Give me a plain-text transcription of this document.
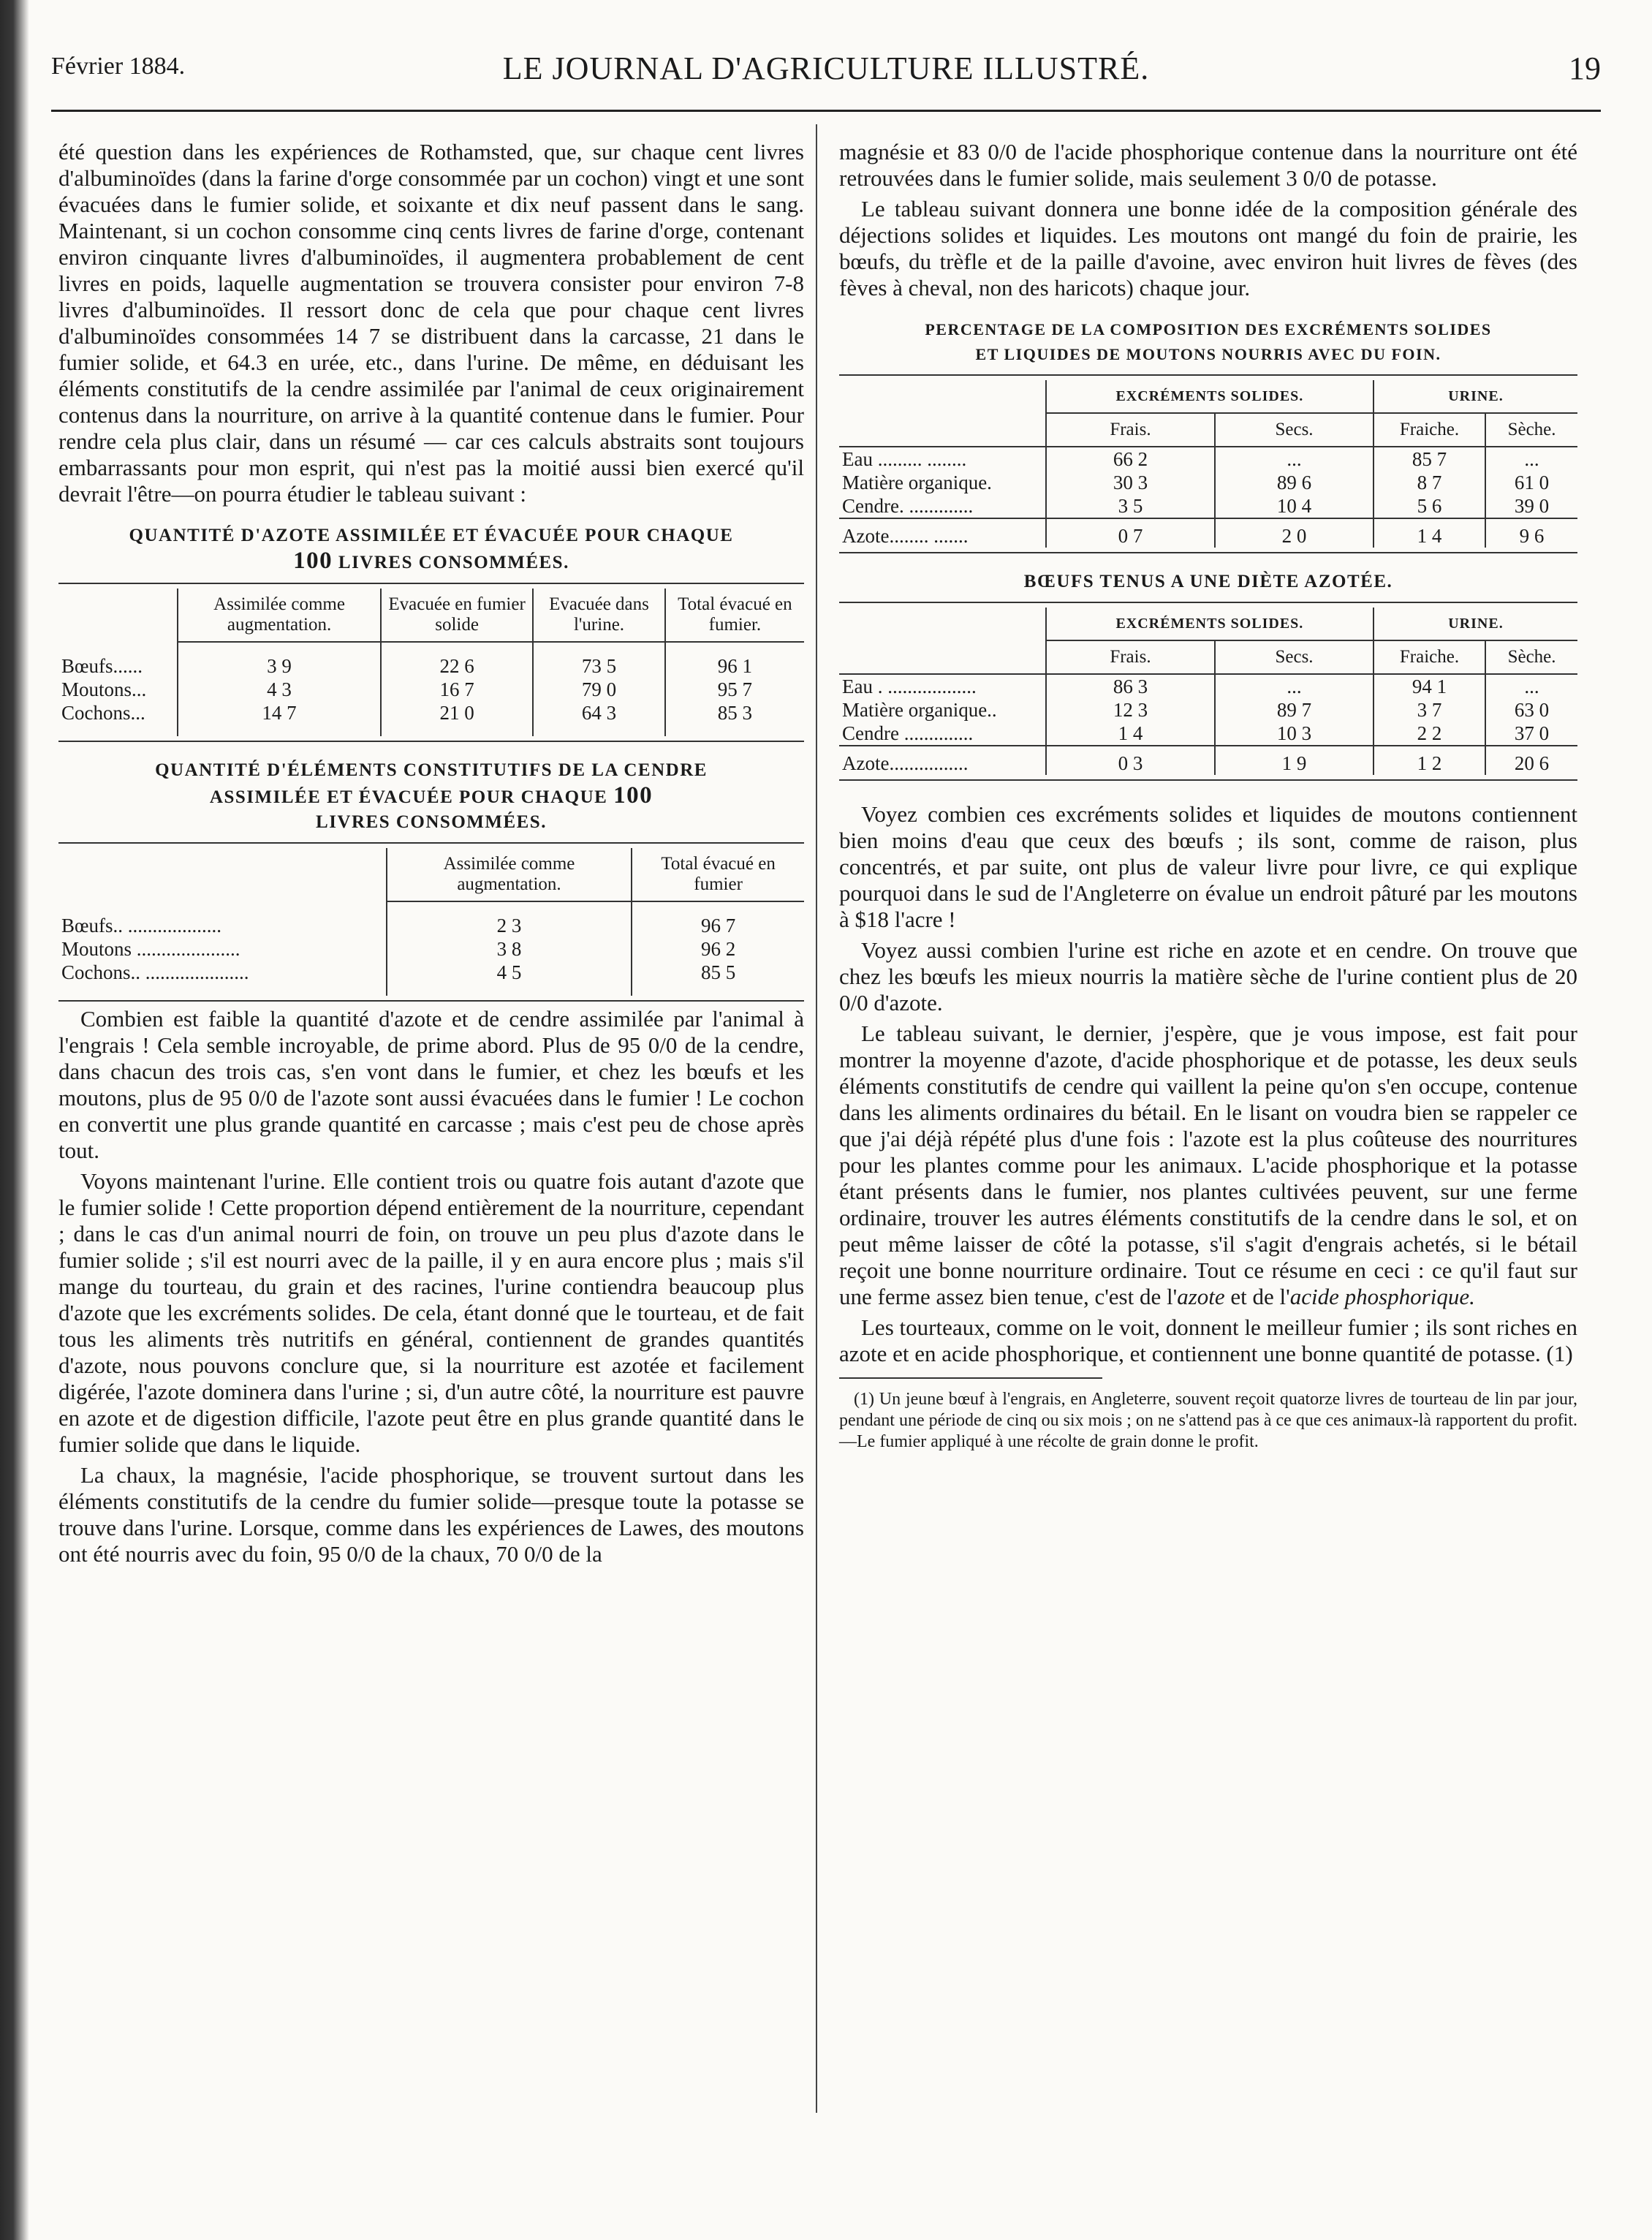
Février 1884.	LE JOURNAL D'AGRICULTURE ILLUSTRÉ.	19

été question dans les expériences de Rothamsted, que, sur chaque cent livres d'albuminoïdes (dans la farine d'orge consommée par un cochon) vingt et une sont évacuées dans le fumier solide, et soixante et dix neuf passent dans le sang. Maintenant, si un cochon consomme cinq cents livres de farine d'orge, contenant environ cinquante livres d'albuminoïdes, il augmentera probablement de cent livres en poids, laquelle augmentation se trouvera consister pour environ 7-8 livres d'albuminoïdes. Il ressort donc de cela que pour chaque cent livres d'albuminoïdes consommées 14 7 se distribuent dans la carcasse, 21 dans le fumier solide, et 64.3 en urée, etc., dans l'urine. De même, en déduisant les éléments constitutifs de la cendre assimilée par l'animal de ceux originairement contenus dans la nourriture, on arrive à la quantité contenue dans le fumier. Pour rendre cela plus clair, dans un résumé — car ces calculs abstraits sont toujours embarrassants pour mon esprit, qui n'est pas la moitié aussi bien exercé qu'il devrait l'être—on pourra étudier le tableau suivant :

QUANTITÉ D'AZOTE ASSIMILÉE ET ÉVACUÉE POUR CHAQUE
100 LIVRES CONSOMMÉES.
	Assimilée comme augmentation.	Evacuée en fumier solide	Evacuée dans l'urine.	Total évacué en fumier.

Bœufs......	3 9	22 6	73 5	96 1
Moutons...	4 3	16 7	79 0	95 7
Cochons...	14 7	21 0	64 3	85 3

QUANTITÉ D'ÉLÉMENTS CONSTITUTIFS DE LA CENDRE
ASSIMILÉE ET ÉVACUÉE POUR CHAQUE 100
LIVRES CONSOMMÉES.
	Assimilée comme augmentation.	Total évacué en fumier

Bœufs.. ...................	2 3	96 7
Moutons .....................	3 8	96 2
Cochons.. .....................	4 5	85 5

Combien est faible la quantité d'azote et de cendre assimilée par l'animal à l'engrais ! Cela semble incroyable, de prime abord. Plus de 95 0/0 de la cendre, dans chacun des trois cas, s'en vont dans le fumier, et chez les bœufs et les moutons, plus de 95 0/0 de l'azote sont aussi évacuées dans le fumier ! Le cochon en convertit une plus grande quantité en carcasse ; mais c'est peu de chose après tout.

Voyons maintenant l'urine. Elle contient trois ou quatre fois autant d'azote que le fumier solide ! Cette proportion dépend entièrement de la nourriture, cependant ; dans le cas d'un animal nourri de foin, on trouve un peu plus d'azote dans le fumier solide ; s'il est nourri avec de la paille, il y en aura encore plus ; mais s'il mange du tourteau, du grain et des racines, l'urine contiendra beaucoup plus d'azote que les excréments solides. De cela, étant donné que le tourteau, et de fait tous les aliments très nutritifs en général, contiennent de grandes quantités d'azote, nous pouvons conclure que, si la nourriture est azotée et facilement digérée, l'azote dominera dans l'urine ; si, d'un autre côté, la nourriture est pauvre en azote et de digestion difficile, l'azote peut être en plus grande quantité dans le fumier solide que dans le liquide.

La chaux, la magnésie, l'acide phosphorique, se trouvent surtout dans les éléments constitutifs de la cendre du fumier solide—presque toute la potasse se trouve dans l'urine. Lorsque, comme dans les expériences de Lawes, des moutons ont été nourris avec du foin, 95 0/0 de la chaux, 70 0/0 de la

magnésie et 83 0/0 de l'acide phosphorique contenue dans la nourriture ont été retrouvées dans le fumier solide, mais seulement 3 0/0 de potasse.

Le tableau suivant donnera une bonne idée de la composition générale des déjections solides et liquides. Les moutons ont mangé du foin de prairie, les bœufs, du trèfle et de la paille d'avoine, avec environ huit livres de fèves (des fèves à cheval, non des haricots) chaque jour.

PERCENTAGE DE LA COMPOSITION DES EXCRÉMENTS SOLIDES
ET LIQUIDES DE MOUTONS NOURRIS AVEC DU FOIN.
	EXCRÉMENTS SOLIDES.		URINE.	
	Frais.	Secs.	Fraiche.	Sèche.
Eau ......... ........	66 2	...	85 7	...
Matière organique.	30 3	89 6	8 7	61 0
Cendre. .............	3 5	10 4	5 6	39 0
Azote........ .......	0 7	2 0	1 4	9 6
BŒUFS TENUS A UNE DIÈTE AZOTÉE.
	EXCRÉMENTS SOLIDES.		URINE.	
	Frais.	Secs.	Fraiche.	Sèche.
Eau . ..................	86 3	...	94 1	...
Matière organique..	12 3	89 7	3 7	63 0
Cendre ..............	1 4	10 3	2 2	37 0
Azote................	0 3	1 9	1 2	20 6

Voyez combien ces excréments solides et liquides de moutons contiennent bien moins d'eau que ceux des bœufs ; ils sont, comme de raison, plus concentrés, et par suite, ont plus de valeur livre pour livre, ce qui explique pourquoi dans le sud de l'Angleterre on évalue un endroit pâturé par les moutons à $18 l'acre !

Voyez aussi combien l'urine est riche en azote et en cendre. On trouve que chez les bœufs les mieux nourris la matière sèche de l'urine contient plus de 20 0/0 d'azote.

Le tableau suivant, le dernier, j'espère, que je vous impose, est fait pour montrer la moyenne d'azote, d'acide phosphorique et de potasse, les deux seuls éléments constitutifs de cendre qui vaillent la peine qu'on s'en occupe, contenue dans les aliments ordinaires du bétail. En le lisant on voudra bien se rappeler ce que j'ai déjà répété plus d'une fois : l'azote est la plus coûteuse des nourritures pour les plantes comme pour les animaux. L'acide phosphorique et la potasse étant présents dans le fumier, nos plantes cultivées peuvent, sur une ferme ordinaire, trouver les autres éléments constitutifs de la cendre dans le sol, et on peut même laisser de côté la potasse, s'il s'agit d'engrais achetés, si le bétail reçoit une bonne nourriture ordinaire. Tout ce résume en ceci : ce qu'il faut sur une ferme assez bien tenue, c'est de l'azote et de l'acide phosphorique.

Les tourteaux, comme on le voit, donnent le meilleur fumier ; ils sont riches en azote et en acide phosphorique, et contiennent une bonne quantité de potasse. (1)

(1) Un jeune bœuf à l'engrais, en Angleterre, souvent reçoit quatorze livres de tourteau de lin par jour, pendant une période de cinq ou six mois ; on ne s'attend pas à ce que ces animaux-là rapportent du profit.—Le fumier appliqué à une récolte de grain donne le profit.
